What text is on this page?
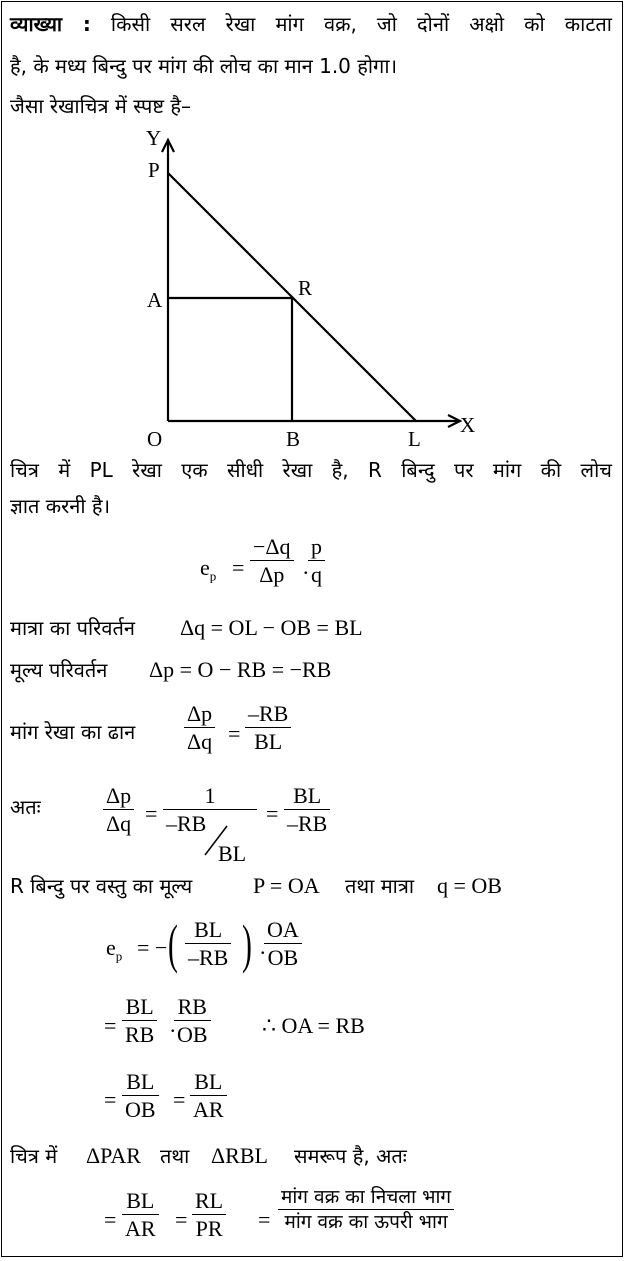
व्याख्या : किसी सरल रेखा मांग वक्र, जो दोनों अक्षो को काटता
है, के मध्य बिन्दु पर मांग की लोच का मान 1.0 होगा।
जैसा रेखाचित्र में स्पष्ट है–
Y
P
R
A
O	B	L
X
चित्र में PL रेखा एक सीधी रेखा है, R बिन्दु पर मांग की लोच
ज्ञात करनी है।
$e_p$ =
−Δq
Δp .
p
q
मात्रा का परिवर्तन Δq = OL − OB = BL
मूल्य परिवर्तन Δp = O − RB = −RB
मांग रेखा का ढान
Δp
Δq =
–RB
BL
अतः	Δp
Δq =
1
–RB
BL
=
BL
–RB
R बिन्दु पर वस्तु का मूल्य	P = OA तथा मात्रा q = OB
$e_p$ = − ( BL
–RB ) .
OA
OB
=
BL
RB .
RB
OB ∴ OA = RB
=
BL
OB =
BL
AR
चित्र में ΔPAR तथा ΔRBL समरूप है, अतः
=
BL
AR =
RL
PR =
मांग वक्र का निचला भाग
मांग वक्र का ऊपरी भाग
